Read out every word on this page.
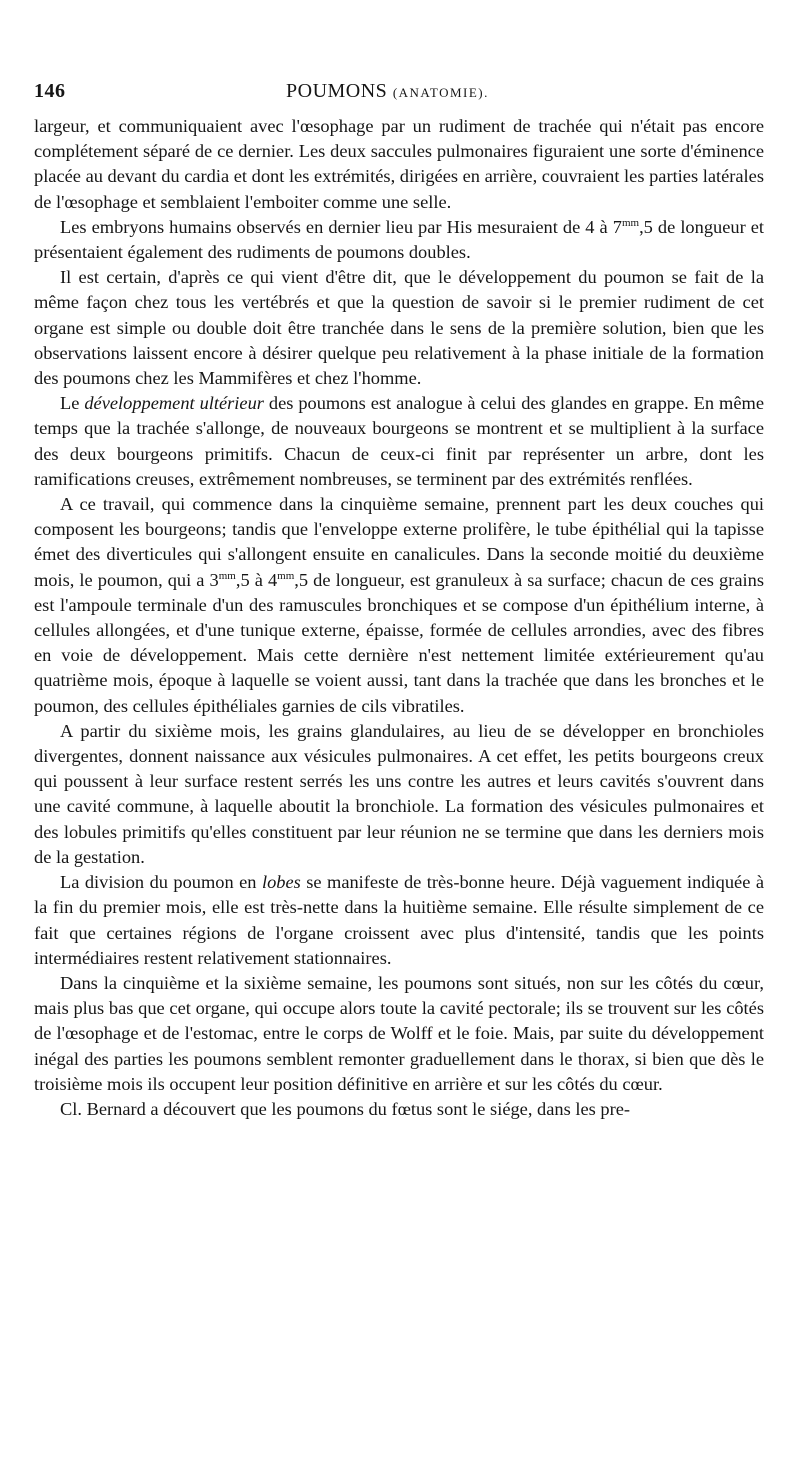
146	POUMONS (ANATOMIE).

largeur, et communiquaient avec l'œsophage par un rudiment de trachée qui n'était pas encore complétement séparé de ce dernier. Les deux saccules pulmonaires figuraient une sorte d'éminence placée au devant du cardia et dont les extrémités, dirigées en arrière, couvraient les parties latérales de l'œsophage et semblaient l'emboiter comme une selle.

Les embryons humains observés en dernier lieu par His mesuraient de 4 à $7^{mm},5$ de longueur et présentaient également des rudiments de poumons doubles.

Il est certain, d'après ce qui vient d'être dit, que le développement du poumon se fait de la même façon chez tous les vertébrés et que la question de savoir si le premier rudiment de cet organe est simple ou double doit être tranchée dans le sens de la première solution, bien que les observations laissent encore à désirer quelque peu relativement à la phase initiale de la formation des poumons chez les Mammifères et chez l'homme.

Le développement ultérieur des poumons est analogue à celui des glandes en grappe. En même temps que la trachée s'allonge, de nouveaux bourgeons se montrent et se multiplient à la surface des deux bourgeons primitifs. Chacun de ceux-ci finit par représenter un arbre, dont les ramifications creuses, extrêmement nombreuses, se terminent par des extrémités renflées.

A ce travail, qui commence dans la cinquième semaine, prennent part les deux couches qui composent les bourgeons; tandis que l'enveloppe externe prolifère, le tube épithélial qui la tapisse émet des diverticules qui s'allongent ensuite en canalicules. Dans la seconde moitié du deuxième mois, le poumon, qui a $3^{mm},5$ à $4^{mm},5$ de longueur, est granuleux à sa surface; chacun de ces grains est l'ampoule terminale d'un des ramuscules bronchiques et se compose d'un épithélium interne, à cellules allongées, et d'une tunique externe, épaisse, formée de cellules arrondies, avec des fibres en voie de développement. Mais cette dernière n'est nettement limitée extérieurement qu'au quatrième mois, époque à laquelle se voient aussi, tant dans la trachée que dans les bronches et le poumon, des cellules épithéliales garnies de cils vibratiles.

A partir du sixième mois, les grains glandulaires, au lieu de se développer en bronchioles divergentes, donnent naissance aux vésicules pulmonaires. A cet effet, les petits bourgeons creux qui poussent à leur surface restent serrés les uns contre les autres et leurs cavités s'ouvrent dans une cavité commune, à laquelle aboutit la bronchiole. La formation des vésicules pulmonaires et des lobules primitifs qu'elles constituent par leur réunion ne se termine que dans les derniers mois de la gestation.

La division du poumon en lobes se manifeste de très-bonne heure. Déjà vaguement indiquée à la fin du premier mois, elle est très-nette dans la huitième semaine. Elle résulte simplement de ce fait que certaines régions de l'organe croissent avec plus d'intensité, tandis que les points intermédiaires restent relativement stationnaires.

Dans la cinquième et la sixième semaine, les poumons sont situés, non sur les côtés du cœur, mais plus bas que cet organe, qui occupe alors toute la cavité pectorale; ils se trouvent sur les côtés de l'œsophage et de l'estomac, entre le corps de Wolff et le foie. Mais, par suite du développement inégal des parties les poumons semblent remonter graduellement dans le thorax, si bien que dès le troisième mois ils occupent leur position définitive en arrière et sur les côtés du cœur.

Cl. Bernard a découvert que les poumons du fœtus sont le siége, dans les pre-
